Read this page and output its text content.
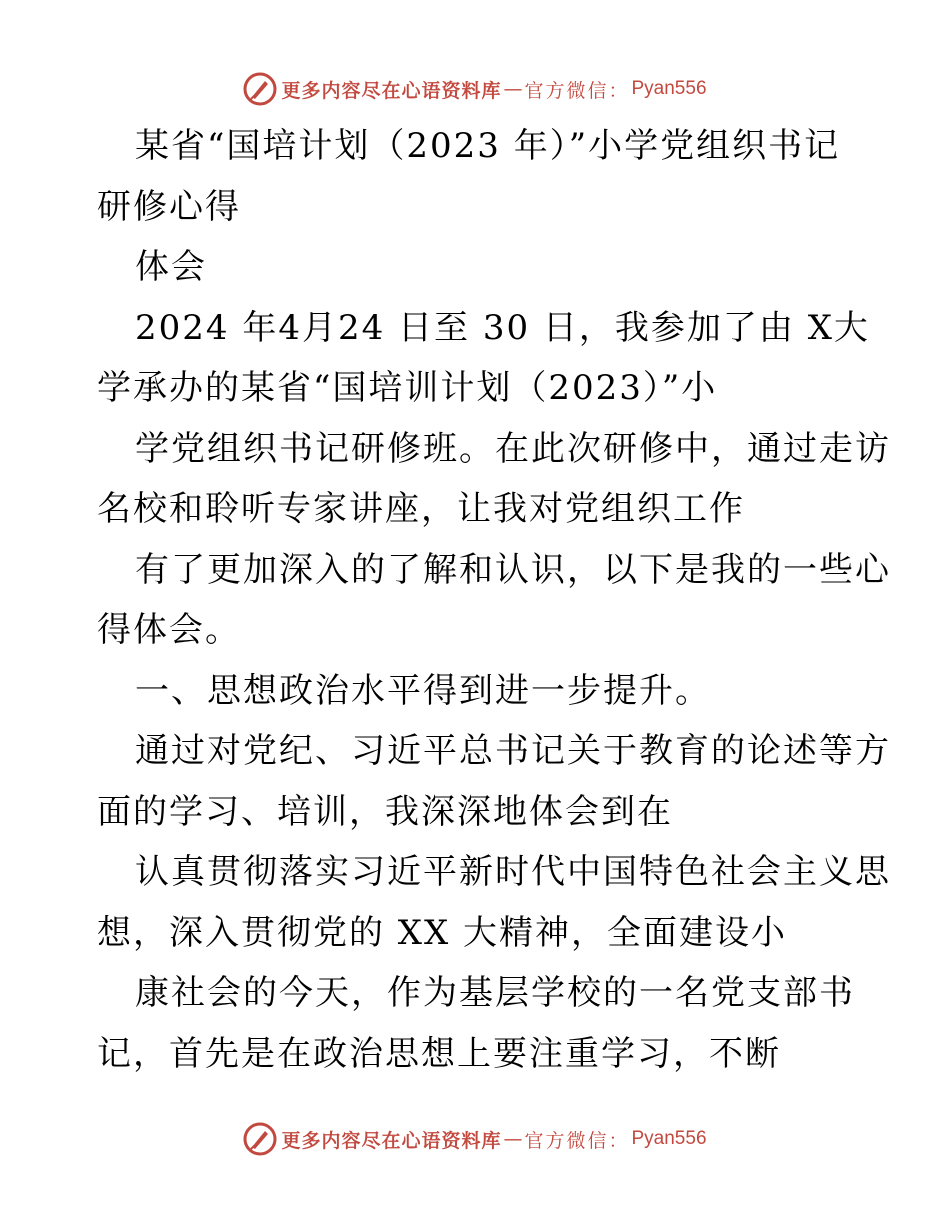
更多内容尽在心语资料库 — 官方微信： Pyan556
某省“国培计划（2023 年）”小学党组织书记
研修心得
体会
2024 年4月24 日至 30 日，我参加了由 X大
学承办的某省“国培训计划（2023）”小
学党组织书记研修班。在此次研修中，通过走访
名校和聆听专家讲座，让我对党组织工作
有了更加深入的了解和认识，以下是我的一些心
得体会。
一、思想政治水平得到进一步提升。
通过对党纪、习近平总书记关于教育的论述等方
面的学习、培训，我深深地体会到在
认真贯彻落实习近平新时代中国特色社会主义思
想，深入贯彻党的 XX 大精神，全面建设小
康社会的今天，作为基层学校的一名党支部书
记，首先是在政治思想上要注重学习，不断
更多内容尽在心语资料库 — 官方微信： Pyan556
